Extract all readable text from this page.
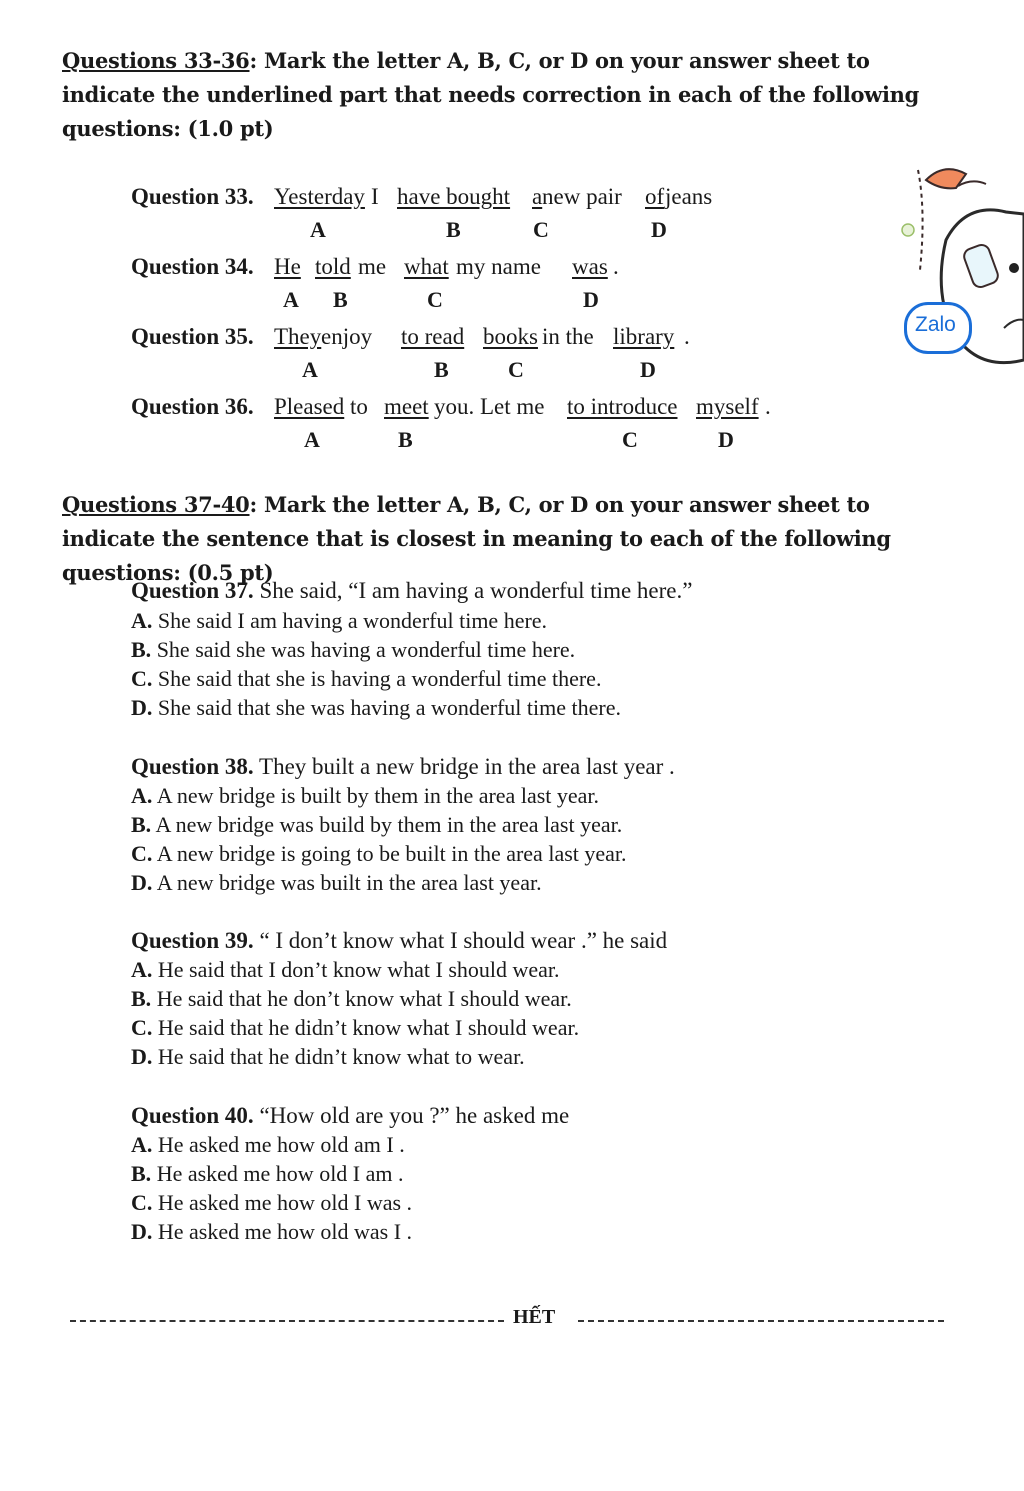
Questions 33-36: Mark the letter A, B, C, or D on your answer sheet to indicate the underlined part that needs correction in each of the following questions: (1.0 pt)
Question 33. Yesterday I have bought a new pair of jeans
A	B	C	D
Question 34. He told me what my name was .
A B	C	D
Question 35. They enjoy to read books in the library .
A	B	C	D
Question 36. Pleased to meet you. Let me to introduce myself .
A	B	C	D
Questions 37-40: Mark the letter A, B, C, or D on your answer sheet to indicate the sentence that is closest in meaning to each of the following questions: (0.5 pt)
Question 37. She said, “I am having a wonderful time here.”
A. She said I am having a wonderful time here.
B. She said she was having a wonderful time here.
C. She said that she is having a wonderful time there.
D. She said that she was having a wonderful time there.
Question 38. They built a new bridge in the area last year .
A. A new bridge is built by them in the area last year.
B. A new bridge was build by them in the area last year.
C. A new bridge is going to be built in the area last year.
D. A new bridge was built in the area last year.
Question 39. “ I don’t know what I should wear .” he said
A. He said that I don’t know what I should wear.
B. He said that he don’t know what I should wear.
C. He said that he didn’t know what I should wear.
D. He said that he didn’t know what to wear.
Question 40. “How old are you ?” he asked me
A. He asked me how old am I .
B. He asked me how old I am .
C. He asked me how old I was .
D. He asked me how old was I .
HẾT
Zalo
